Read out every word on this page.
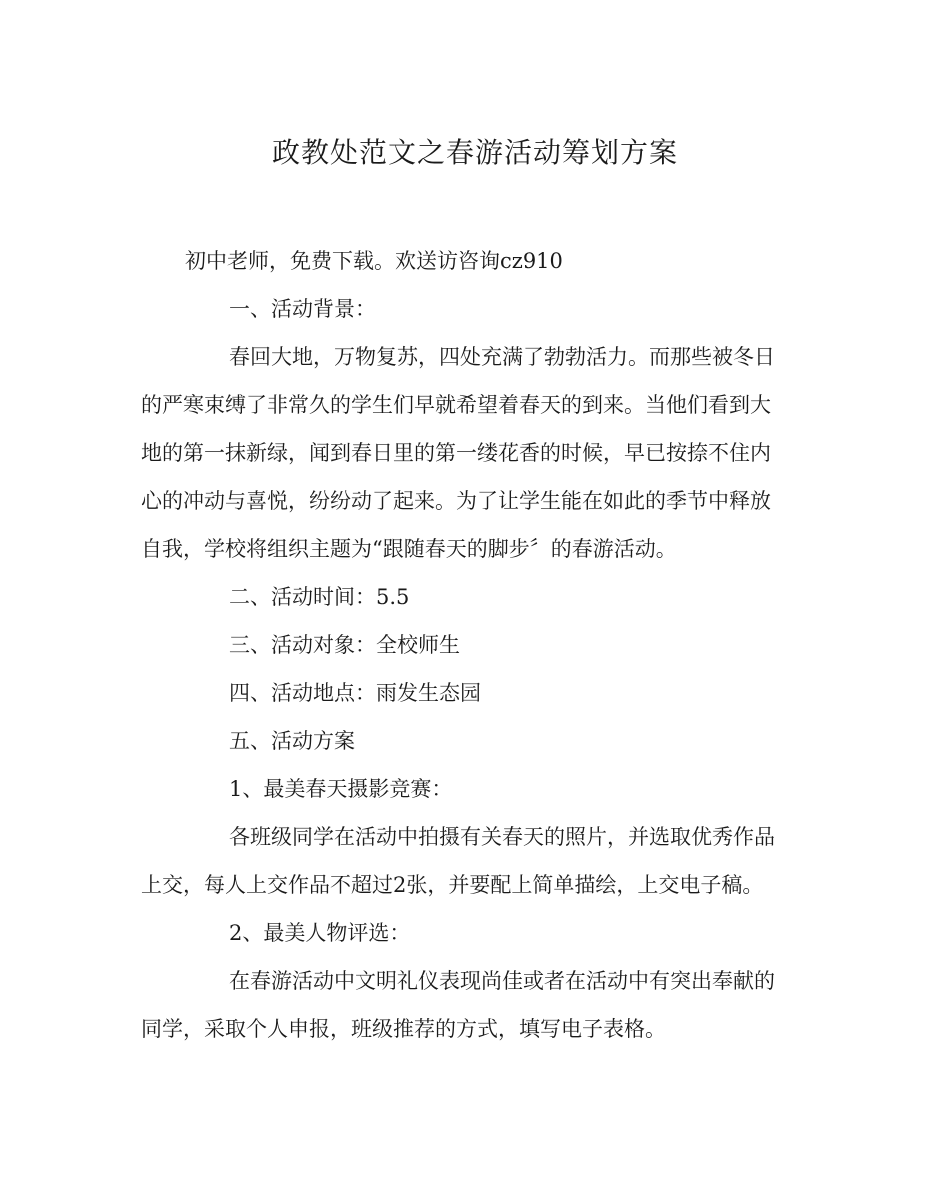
政教处范文之春游活动筹划方案
初中老师，免费下载。欢送访咨询cz910
一、活动背景：
春回大地，万物复苏，四处充满了勃勃活力。而那些被冬日
的严寒束缚了非常久的学生们早就希望着春天的到来。当他们看到大
地的第一抹新绿，闻到春日里的第一缕花香的时候，早已按捺不住内
心的冲动与喜悦，纷纷动了起来。为了让学生能在如此的季节中释放
自我，学校将组织主题为“跟随春天的脚步〞的春游活动。
二、活动时间：5.5
三、活动对象：全校师生
四、活动地点：雨发生态园
五、活动方案
1、最美春天摄影竞赛：
各班级同学在活动中拍摄有关春天的照片，并选取优秀作品
上交，每人上交作品不超过2张，并要配上简单描绘，上交电子稿。
2、最美人物评选：
在春游活动中文明礼仪表现尚佳或者在活动中有突出奉献的
同学，采取个人申报，班级推荐的方式，填写电子表格。
